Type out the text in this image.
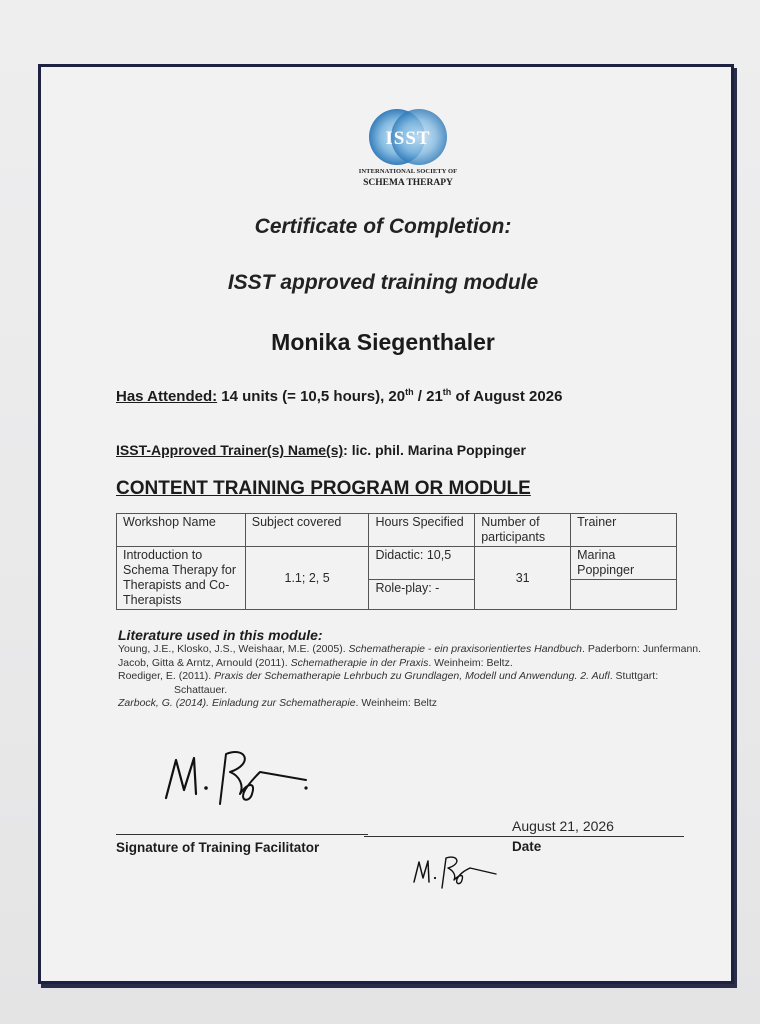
ISST
INTERNATIONAL SOCIETY OF
SCHEMA THERAPY
Certificate of Completion:
ISST approved training module
Monika Siegenthaler
Has Attended: 14 units (= 10,5 hours), 20th / 21th of August 2026
ISST-Approved Trainer(s) Name(s): lic. phil. Marina Poppinger
CONTENT TRAINING PROGRAM OR MODULE
Workshop Name	Subject covered	Hours Specified	Number of participants	Trainer
Introduction to Schema Therapy for Therapists and Co-Therapists	1.1; 2, 5	Didactic: 10,5	31	Marina Poppinger
		Role-play: -		
Literature used in this module:
Young, J.E., Klosko, J.S., Weishaar, M.E. (2005). Schematherapie - ein praxisorientiertes Handbuch. Paderborn: Junfermann.
Jacob, Gitta & Arntz, Arnould (2011). Schematherapie in der Praxis. Weinheim: Beltz.
Roediger, E. (2011). Praxis der Schematherapie Lehrbuch zu Grundlagen, Modell und Anwendung. 2. Aufl. Stuttgart: Schattauer.
Zarbock, G. (2014). Einladung zur Schematherapie. Weinheim: Beltz
August 21, 2026
Signature of Training Facilitator	Date
